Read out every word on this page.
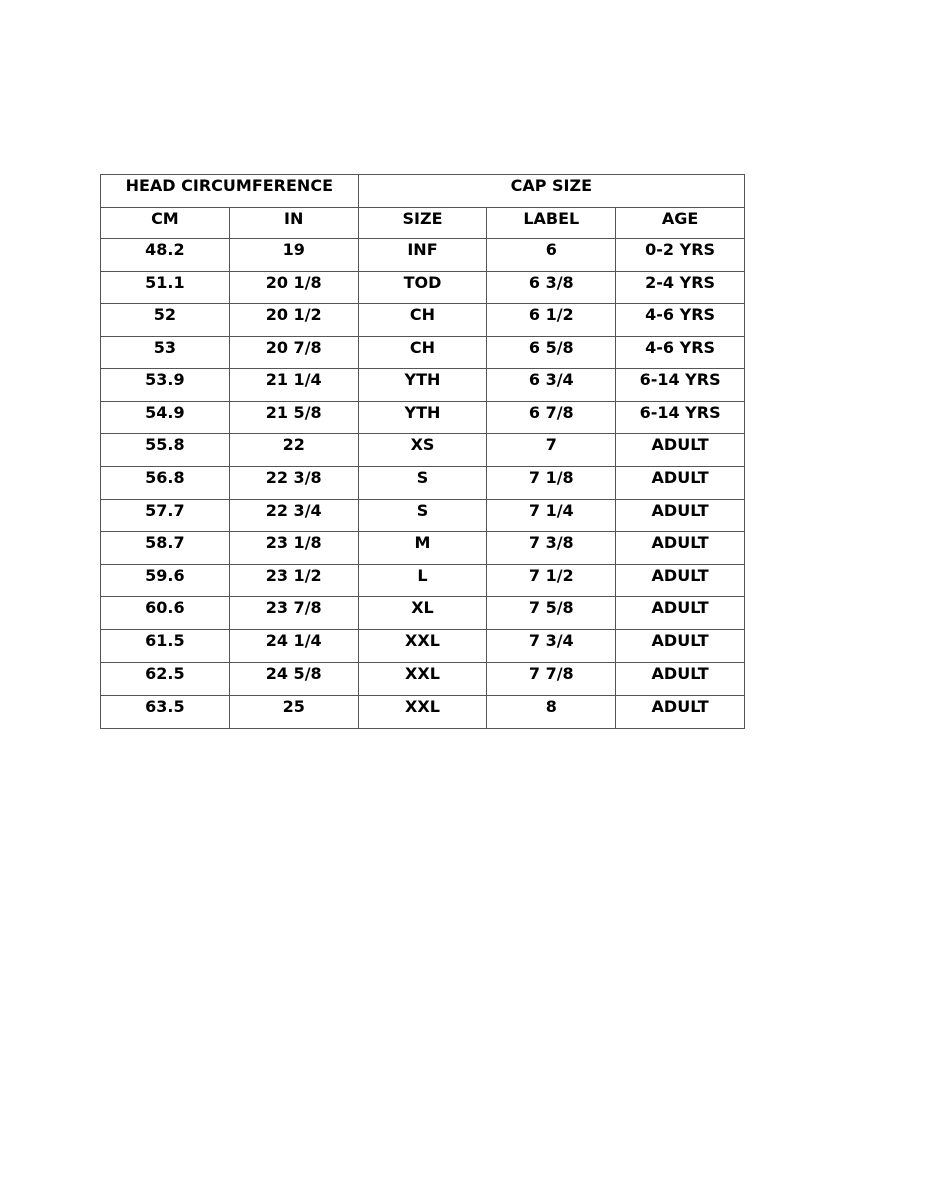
HEAD CIRCUMFERENCE		CAP SIZE		
CM	IN	SIZE	LABEL	AGE
48.2	19	INF	6	0-2 YRS
51.1	20 1/8	TOD	6 3/8	2-4 YRS
52	20 1/2	CH	6 1/2	4-6 YRS
53	20 7/8	CH	6 5/8	4-6 YRS
53.9	21 1/4	YTH	6 3/4	6-14 YRS
54.9	21 5/8	YTH	6 7/8	6-14 YRS
55.8	22	XS	7	ADULT
56.8	22 3/8	S	7 1/8	ADULT
57.7	22 3/4	S	7 1/4	ADULT
58.7	23 1/8	M	7 3/8	ADULT
59.6	23 1/2	L	7 1/2	ADULT
60.6	23 7/8	XL	7 5/8	ADULT
61.5	24 1/4	XXL	7 3/4	ADULT
62.5	24 5/8	XXL	7 7/8	ADULT
63.5	25	XXL	8	ADULT
